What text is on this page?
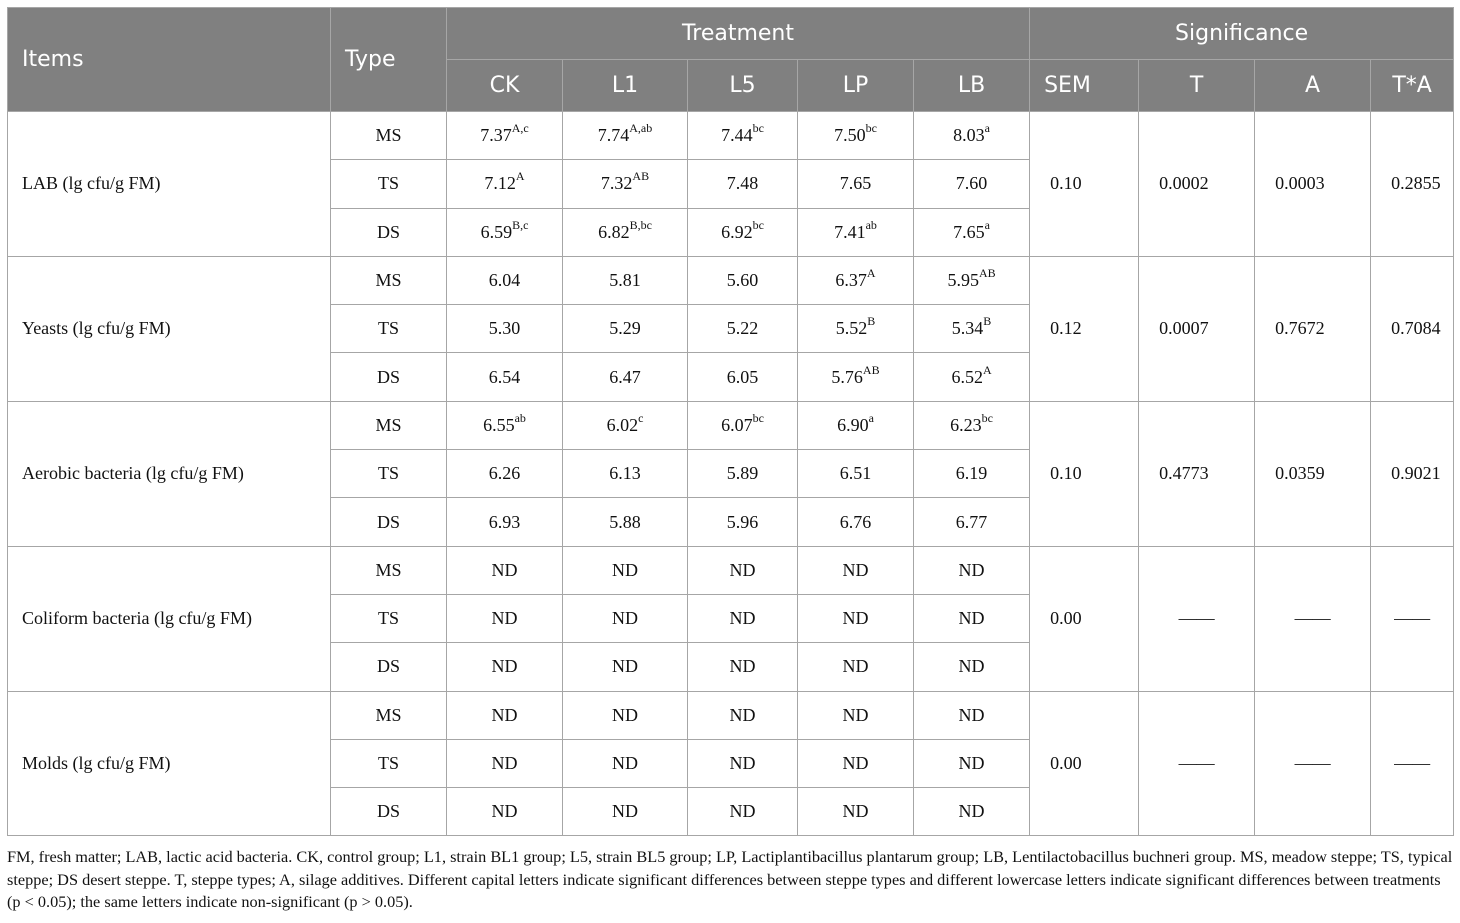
Items	Type	Treatment					Significance			
		CK	L1	L5	LP	LB	SEM	T	A	T*A
LAB (lg cfu/g FM)	MS	$7.37^{A,c}$	$7.74^{A,ab}$	7.44$^{bc}$	7.50$^{bc}$	8.03$^a$	0.10	0.0002	0.0003	0.2855
	TS	$7.12^A$	$7.32^{AB}$	7.48	7.65	7.60				
	DS	$6.59^{B,c}$	$6.82^{B,bc}$	6.92$^{bc}$	7.41$^{ab}$	7.65$^a$
Yeasts (lg cfu/g FM)	MS	6.04	5.81	5.60	$6.37^A$	$5.95^{AB}$	0.12	0.0007	0.7672	0.7084
	TS	5.30	5.29	5.22	$5.52^B$	$5.34^B$
	DS	6.54	6.47	6.05	$5.76^{AB}$	$6.52^A$
Aerobic bacteria (lg cfu/g FM)	MS	6.55$^{ab}$	6.02$^c$	6.07$^{bc}$	6.90$^a$	6.23$^{bc}$	0.10	0.4773	0.0359	0.9021
	TS	6.26	6.13	5.89	6.51	6.19				
	DS	6.93	5.88	5.96	6.76	6.77				
Coliform bacteria (lg cfu/g FM)	MS	ND	ND	ND	ND	ND	0.00	——	——	——
	TS	ND	ND	ND	ND	ND				
	DS	ND	ND	ND	ND	ND				
Molds (lg cfu/g FM)	MS	ND	ND	ND	ND	ND	0.00	——	——	——
	TS	ND	ND	ND	ND	ND				
	DS	ND	ND	ND	ND	ND				
FM, fresh matter; LAB, lactic acid bacteria. CK, control group; L1, strain BL1 group; L5, strain BL5 group; LP, Lactiplantibacillus plantarum group; LB, Lentilactobacillus buchneri group. MS, meadow steppe; TS, typical steppe; DS desert steppe. T, steppe types; A, silage additives. Different capital letters indicate significant differences between steppe types and different lowercase letters indicate significant differences between treatments (p < 0.05); the same letters indicate non-significant (p > 0.05).
